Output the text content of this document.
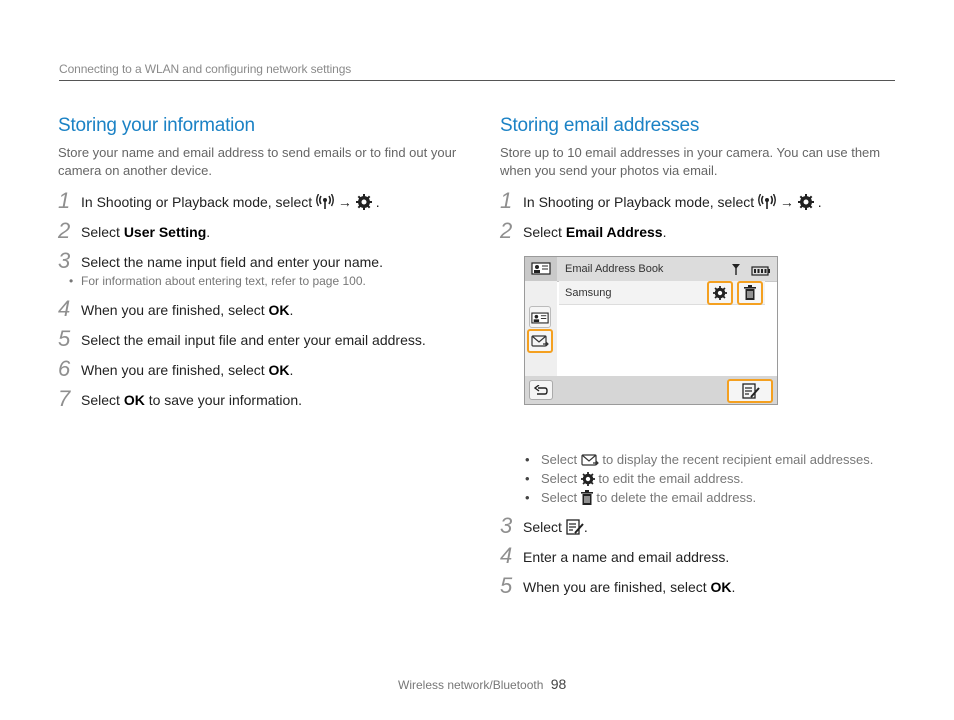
Connecting to a WLAN and configuring network settings
Storing your information
Store your name and email address to send emails or to find out your camera on another device.
1 In Shooting or Playback mode, select → .
2 Select User Setting.
3 Select the name input field and enter your name.
• For information about entering text, refer to page 100.
4 When you are finished, select OK.
5 Select the email input file and enter your email address.
6 When you are finished, select OK.
7 Select OK to save your information.
Storing email addresses
Store up to 10 email addresses in your camera. You can use them when you send your photos via email.
1 In Shooting or Playback mode, select → .
2 Select Email Address.
• Select to display the recent recipient email addresses.
• Select to edit the email address.
• Select to delete the email address.
3 Select .
4 Enter a name and email address.
5 When you are finished, select OK.
Email Address Book
Samsung
Wireless network/Bluetooth 98
